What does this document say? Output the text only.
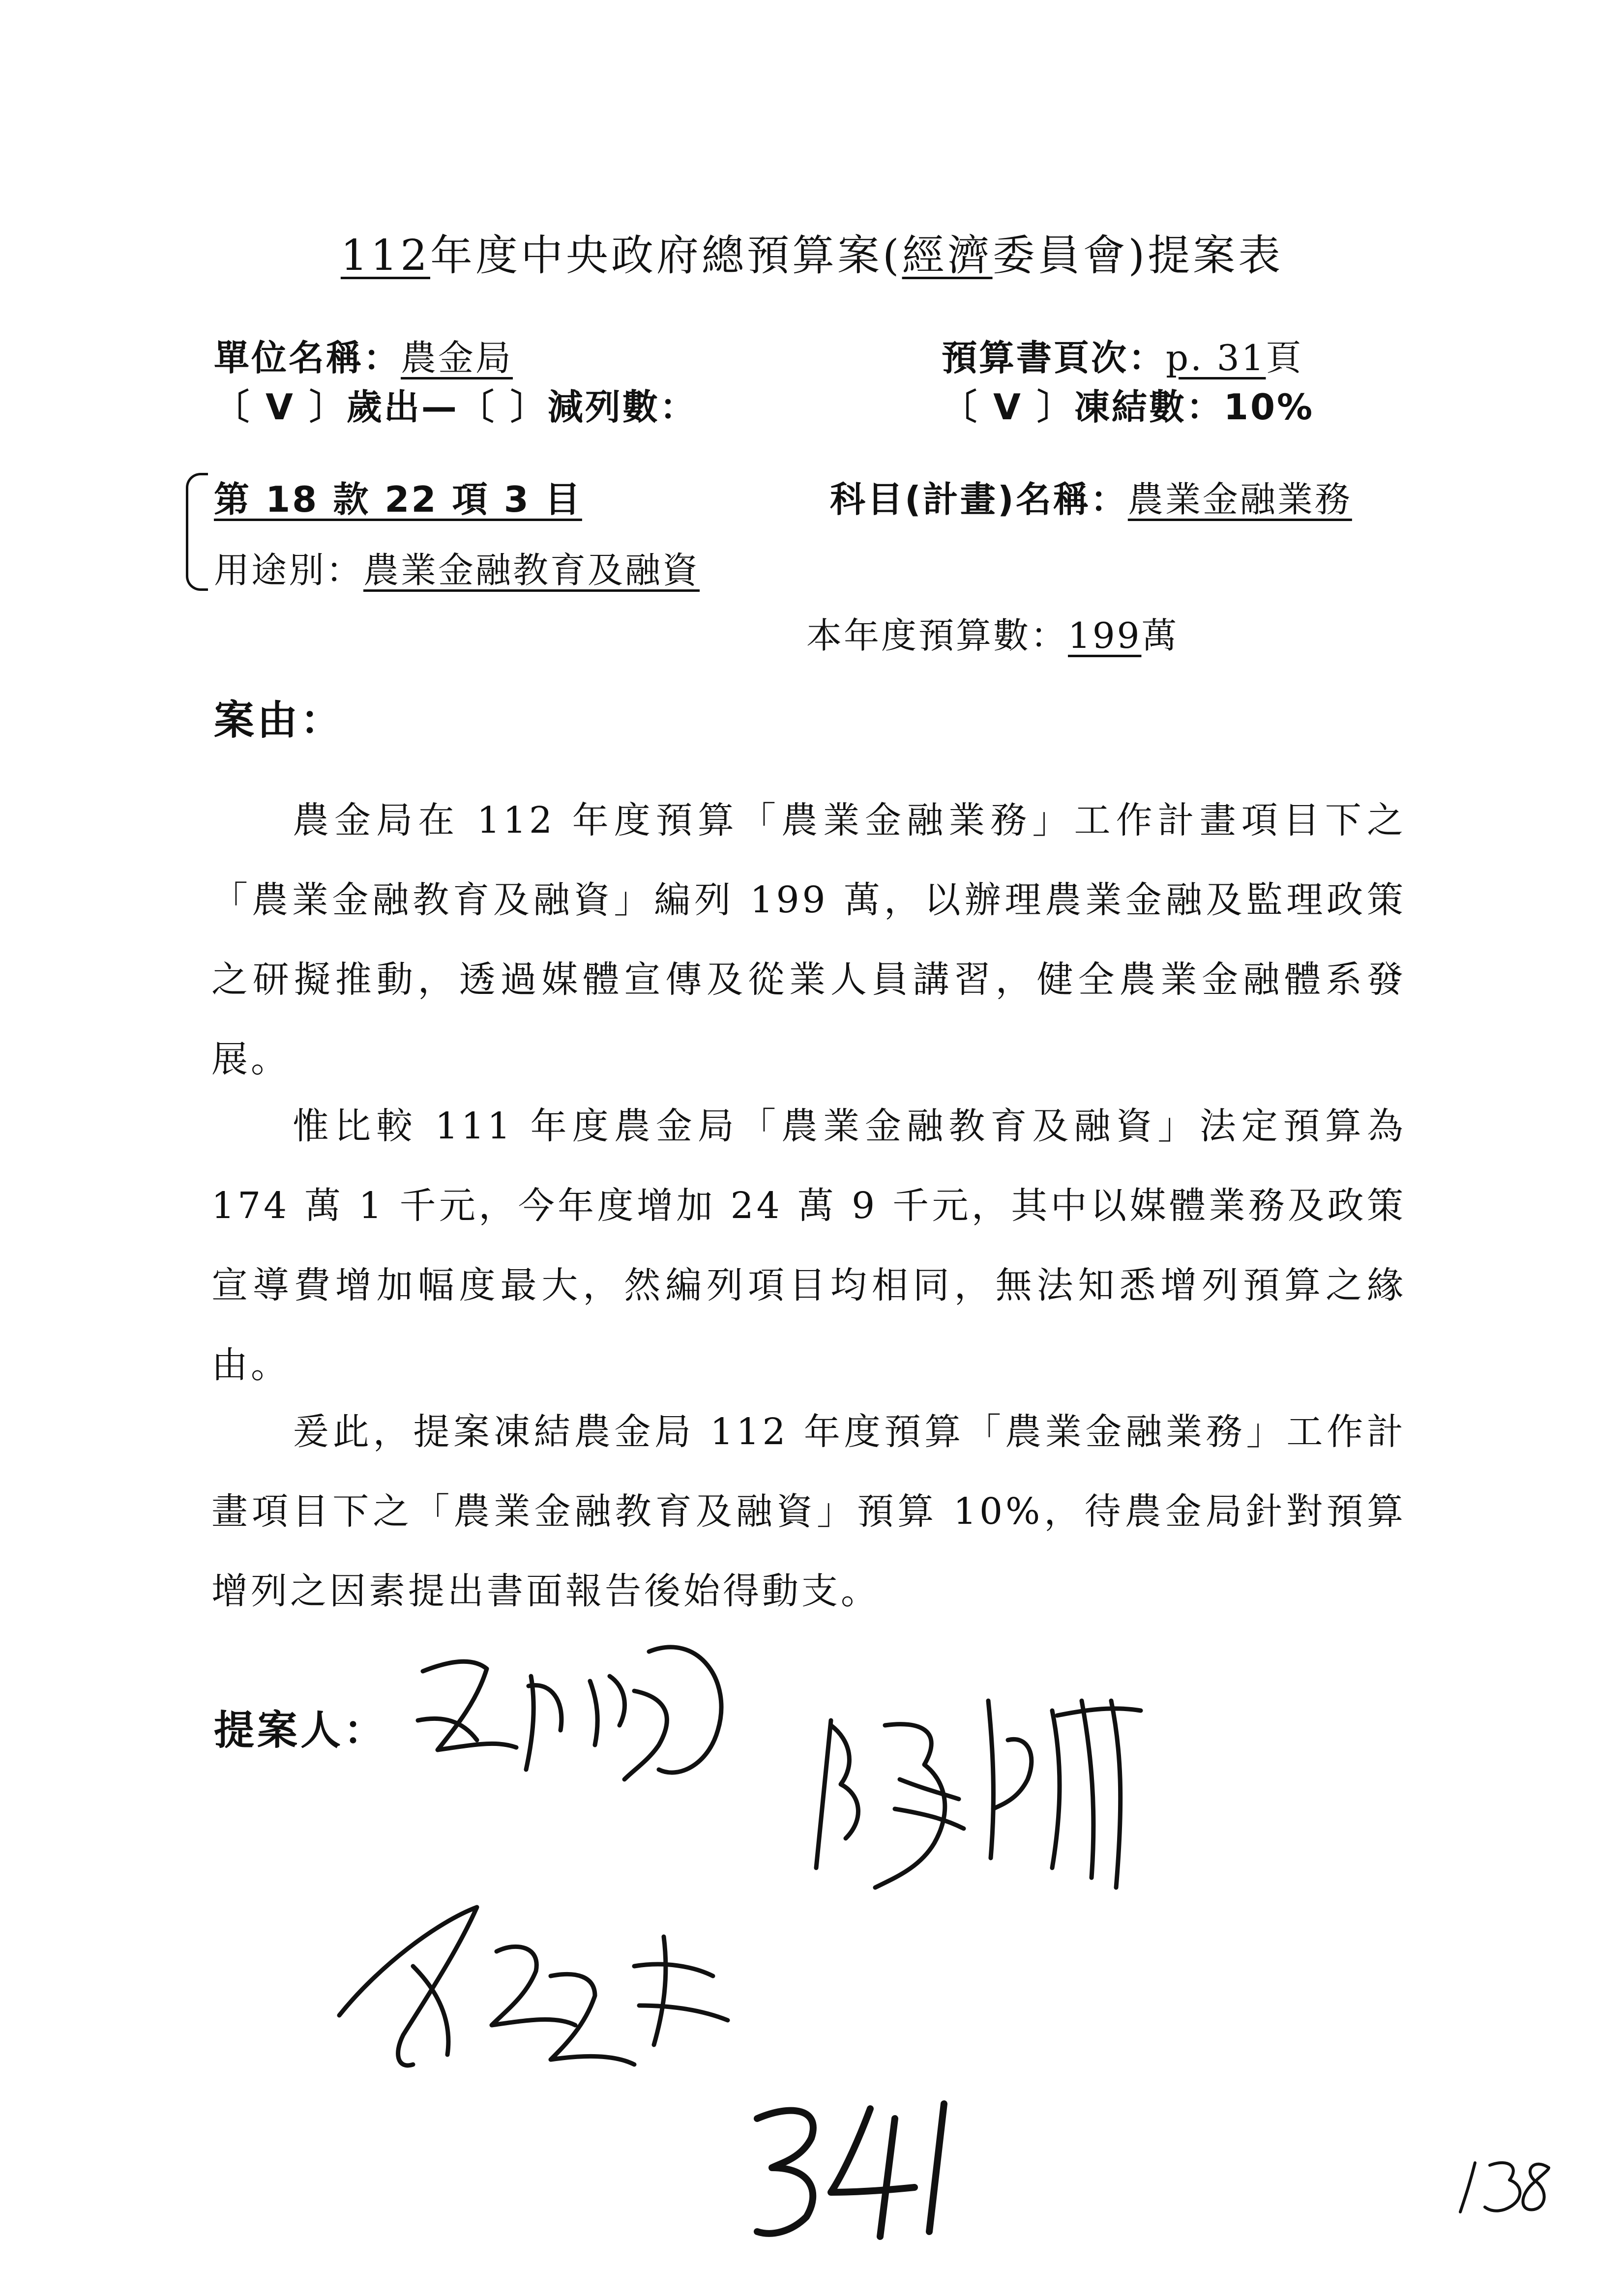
112年度中央政府總預算案(經濟委員會)提案表
單位名稱：農金局
〔 V 〕歲出—〔 〕減列數：
預算書頁次：p. 31頁
〔 V 〕凍結數：10%
第 18 款 22 項 3 目
用途別：農業金融教育及融資
科目(計畫)名稱：農業金融業務
本年度預算數：199萬
案由：
農金局在 112 年度預算「農業金融業務」工作計畫項目下之「農業金融教育及融資」編列 199 萬，以辦理農業金融及監理政策之研擬推動，透過媒體宣傳及從業人員講習，健全農業金融體系發展。
惟比較 111 年度農金局「農業金融教育及融資」法定預算為 174 萬 1 千元，今年度增加 24 萬 9 千元，其中以媒體業務及政策宣導費增加幅度最大，然編列項目均相同，無法知悉增列預算之緣由。
爰此，提案凍結農金局 112 年度預算「農業金融業務」工作計畫項目下之「農業金融教育及融資」預算 10%，待農金局針對預算增列之因素提出書面報告後始得動支。
提案人：
